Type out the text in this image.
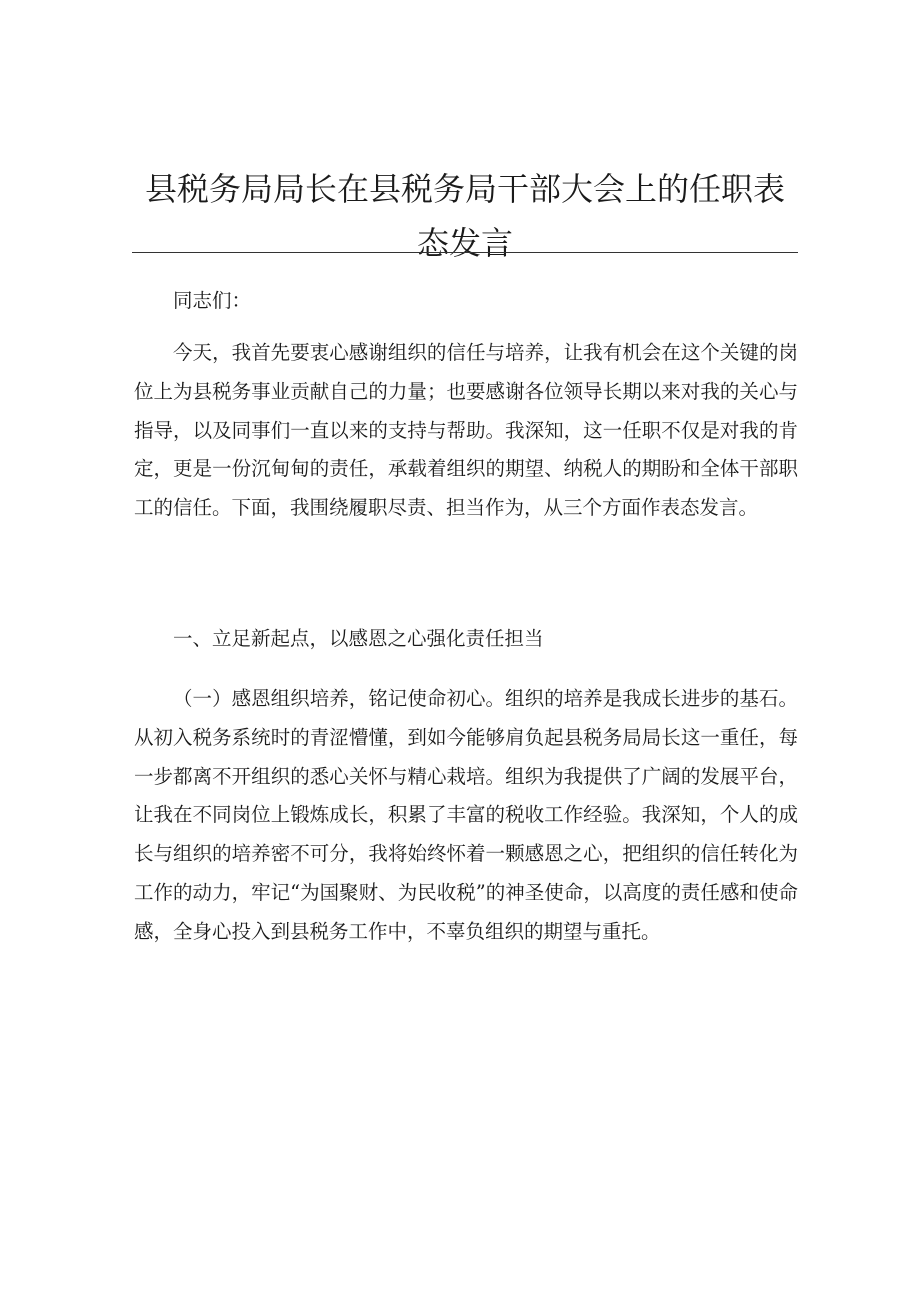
县税务局局长在县税务局干部大会上的任职表态发言

同志们：

今天，我首先要衷心感谢组织的信任与培养，让我有机会在这个关键的岗位上为县税务事业贡献自己的力量；也要感谢各位领导长期以来对我的关心与指导，以及同事们一直以来的支持与帮助。我深知，这一任职不仅是对我的肯定，更是一份沉甸甸的责任，承载着组织的期望、纳税人的期盼和全体干部职工的信任。下面，我围绕履职尽责、担当作为，从三个方面作表态发言。

一、立足新起点，以感恩之心强化责任担当

（一）感恩组织培养，铭记使命初心。组织的培养是我成长进步的基石。从初入税务系统时的青涩懵懂，到如今能够肩负起县税务局局长这一重任，每一步都离不开组织的悉心关怀与精心栽培。组织为我提供了广阔的发展平台，让我在不同岗位上锻炼成长，积累了丰富的税收工作经验。我深知，个人的成长与组织的培养密不可分，我将始终怀着一颗感恩之心，把组织的信任转化为工作的动力，牢记“为国聚财、为民收税”的神圣使命，以高度的责任感和使命感，全身心投入到县税务工作中，不辜负组织的期望与重托。
